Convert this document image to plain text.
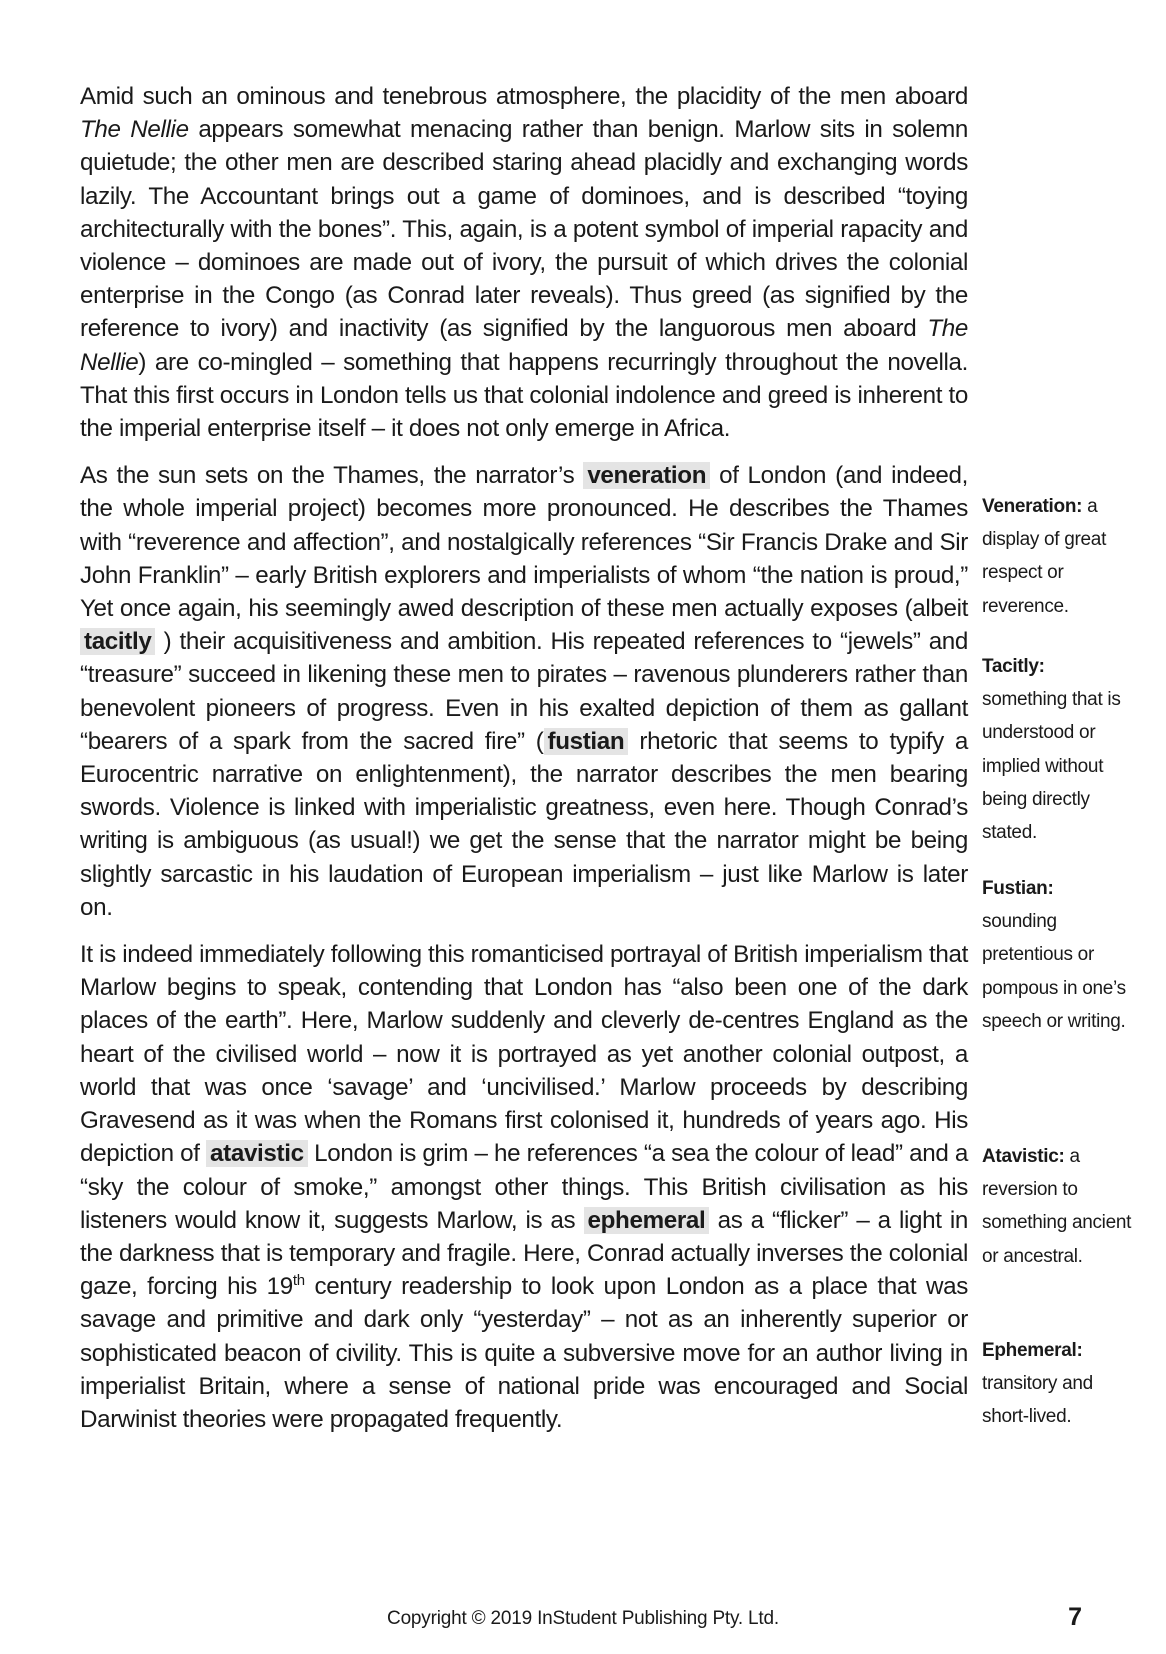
Amid such an ominous and tenebrous atmosphere, the placidity of the men aboard The Nellie appears somewhat menacing rather than benign. Marlow sits in solemn quietude; the other men are described staring ahead placidly and exchanging words lazily. The Accountant brings out a game of dominoes, and is described “toying architecturally with the bones”. This, again, is a potent symbol of imperial rapacity and violence – dominoes are made out of ivory, the pursuit of which drives the colonial enterprise in the Congo (as Conrad later reveals). Thus greed (as signified by the reference to ivory) and inactivity (as signified by the languorous men aboard The Nellie) are co-mingled – something that happens recurringly throughout the novella. That this first occurs in London tells us that colonial indolence and greed is inherent to the imperial enterprise itself – it does not only emerge in Africa.

As the sun sets on the Thames, the narrator’s veneration of London (and indeed, the whole imperial project) becomes more pronounced. He describes the Thames with “reverence and affection”, and nostalgically references “Sir Francis Drake and Sir John Franklin” – early British explorers and imperialists of whom “the nation is proud,” Yet once again, his seemingly awed description of these men actually exposes (albeit tacitly ) their acquisitiveness and ambition. His repeated references to “jewels” and “treasure” succeed in likening these men to pirates – ravenous plunderers rather than benevolent pioneers of progress. Even in his exalted depiction of them as gallant “bearers of a spark from the sacred fire” ( fustian rhetoric that seems to typify a Eurocentric narrative on enlightenment), the narrator describes the men bearing swords. Violence is linked with imperialistic greatness, even here. Though Conrad’s writing is ambiguous (as usual!) we get the sense that the narrator might be being slightly sarcastic in his laudation of European imperialism – just like Marlow is later on.

It is indeed immediately following this romanticised portrayal of British imperialism that Marlow begins to speak, contending that London has “also been one of the dark places of the earth”. Here, Marlow suddenly and cleverly de-centres England as the heart of the civilised world – now it is portrayed as yet another colonial outpost, a world that was once ‘savage’ and ‘uncivilised.’ Marlow proceeds by describing Gravesend as it was when the Romans first colonised it, hundreds of years ago. His depiction of atavistic London is grim – he references “a sea the colour of lead” and a “sky the colour of smoke,” amongst other things. This British civilisation as his listeners would know it, suggests Marlow, is as ephemeral as a “flicker” – a light in the darkness that is temporary and fragile. Here, Conrad actually inverses the colonial gaze, forcing his 19th century readership to look upon London as a place that was savage and primitive and dark only “yesterday” – not as an inherently superior or sophisticated beacon of civility. This is quite a subversive move for an author living in imperialist Britain, where a sense of national pride was encouraged and Social Darwinist theories were propagated frequently.

Veneration: a display of great respect or reverence.
Tacitly: something that is understood or implied without being directly stated.
Fustian: sounding pretentious or pompous in one’s speech or writing.
Atavistic: a reversion to something ancient or ancestral.
Ephemeral: transitory and short-lived.
Copyright © 2019 InStudent Publishing Pty. Ltd.	7
